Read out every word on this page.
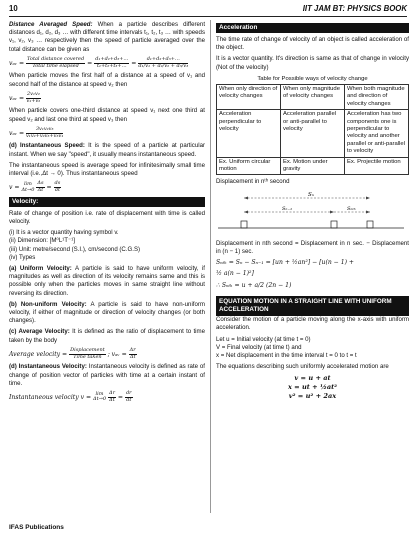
10	IIT JAM BT: PHYSICS BOOK

Distance Averaged Speed: When a particle describes different distances d₁, d₂, d₃ … with different time intervals t₁, t₂, t₃ … with speeds v₁, v₂, v₃ … respectively then the speed of particle averaged over the total distance can be given as

vₐᵥ = $\frac{\text{Total distance covered}}{\text{Total time elapsed}} = \frac{\text{d₁+d₂+d₃+…}}{\text{t₁+t₂+t₃+…}} = \frac{\text{d₁+d₂+d₃+…}}{\text{d₁/v₁ + d₂/v₂ + d₃/v₃}}$

When particle moves the first half of a distance at a speed of v₁ and second half of the distance at speed v₂ then

vₐᵥ = $\frac{\text{2v₁v₂}}{\text{v₁+v₂}}$

When particle covers one-third distance at speed v₁ next one third at speed v₂ and last one third at speed v₃ then

vₐᵥ = $\frac{\text{3v₁v₂v₃}}{\text{v₁v₂+v₂v₃+v₃v₁}}$

(d) Instantaneous Speed: It is the speed of a particle at particular instant. When we say "speed", it usually means instantaneous speed.

The instantaneous speed is average speed for infinitesimally small time interval (i.e.,Δt → 0). Thus instantaneous speed

v =
lim
Δt→0
$\frac{\Delta s}{\Delta t} = \frac{ds}{dt}$
Velocity:

Rate of change of position i.e. rate of displacement with time is called velocity.

(i) It is a vector quantity having symbol v.
(ii) Dimension: [M⁰L¹T⁻¹]
(iii) Unit: metre/second (S.I.), cm/second (C.G.S)
(iv) Types

(a) Uniform Velocity: A particle is said to have uniform velocity, if magnitudes as well as direction of its velocity remains same and this is possible only when the particles moves in same straight line without reversing its direction.

(b) Non-uniform Velocity: A particle is said to have non-uniform velocity, if either of magnitude or direction of velocity changes (or both changes).

(c) Average Velocity: It is defined as the ratio of displacement to time taken by the body

Average velocity = $\frac{\text{Displacement}}{\text{Time taken}}$ ; vₐᵥ = $\frac{\Delta r}{\Delta t}$

(d) Instantaneous Velocity: Instantaneous velocity is defined as rate of change of position vector of particles with time at a certain instant of time.

Instantaneous velocity v =
lim
Δt→0
$\frac{\Delta r}{\Delta t} = \frac{dr}{dt}$
Acceleration

The time rate of change of velocity of an object is called acceleration of the object.

It is a vector quantity. It's direction is same as that of change in velocity (Not of the velocity)

Table for Possible ways of velocity change
When only direction of velocity changes	When only magnitude of velocity changes	When both magnitude and direction of velocity changes
Acceleration perpendicular to velocity	Acceleration parallel or anti-parallel to velocity	Acceleration has two components one is perpendicular to velocity and another parallel or anti-parallel to velocity
Ex. Uniform circular motion	Ex. Motion under gravity	Ex. Projectile motion

Displacement in nᵗʰ second

Sₙ
Sₙ₋₁	Sₙₜₕ

Displacement in nth second = Displacement in n sec. − Displacement in (n − 1) sec.

Sₙₜₕ = Sₙ − Sₙ₋₁ = [un + ½an²] − [u(n − 1) +
½ a(n − 1)²]
∴ Sₙₜₕ = u + a/2 (2n − 1)
EQUATION MOTION IN A STRAIGHT LINE WITH UNIFORM ACCELERATION

Consider the motion of a particle moving along the x-axis with uniform acceleration.

Let u = Initial velocity (at time t = 0)
V = Final velocity (at time t) and
x = Net displacement in the time interval t = 0 to t = t

The equations describing such uniformly accelerated motion are

v = u + at
x = ut + ½at²
v² = u² + 2ax
IFAS Publications
